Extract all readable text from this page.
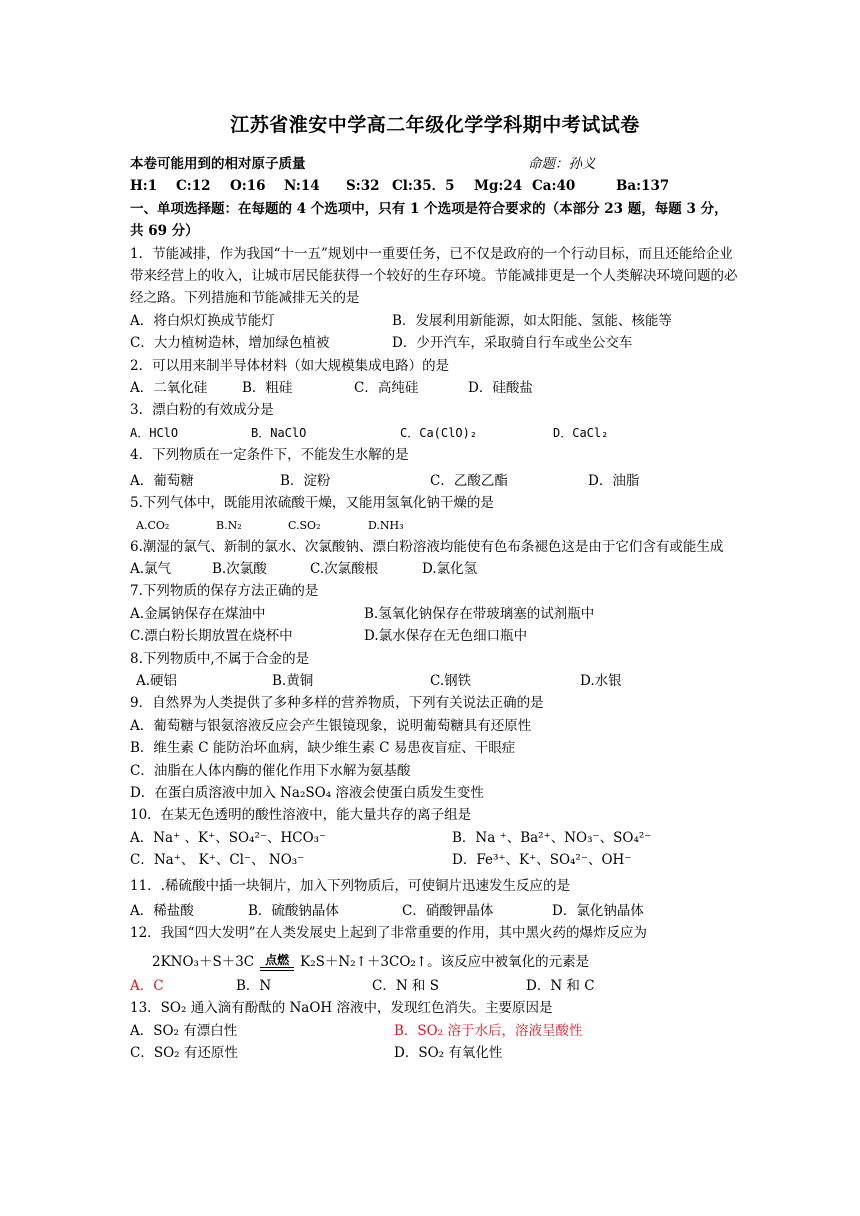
江苏省淮安中学高二年级化学学科期中考试试卷
本卷可能用到的相对原子质量	命题：孙义
H:1	C:12	O:16	N:14	S:32 Cl:35．5	Mg:24 Ca:40	Ba:137
一、单项选择题：在每题的 4 个选项中，只有 1 个选项是符合要求的（本部分 23 题，每题 3 分，共 69 分）
1．节能减排，作为我国“十一五”规划中一重要任务，已不仅是政府的一个行动目标，而且还能给企业带来经营上的收入，让城市居民能获得一个较好的生存环境。节能减排更是一个人类解决环境问题的必经之路。下列措施和节能减排无关的是
A．将白炽灯换成节能灯	B．发展利用新能源，如太阳能、氢能、核能等
C．大力植树造林，增加绿色植被	D．少开汽车，采取骑自行车或坐公交车
2．可以用来制半导体材料（如大规模集成电路）的是
A．二氧化硅	B．粗硅	C．高纯硅	D．硅酸盐
3．漂白粉的有效成分是
A．HClO	B．NaClO	C．Ca(ClO)₂	D．CaCl₂
4．下列物质在一定条件下，不能发生水解的是
A．葡萄糖	B．淀粉	C．乙酸乙酯	D．油脂
5.下列气体中，既能用浓硫酸干燥，又能用氢氧化钠干燥的是
A.CO₂	B.N₂	C.SO₂	D.NH₃
6.潮湿的氯气、新制的氯水、次氯酸钠、漂白粉溶液均能使有色布条褪色这是由于它们含有或能生成
A.氯气	B.次氯酸	C.次氯酸根	D.氯化氢
7.下列物质的保存方法正确的是
A.金属钠保存在煤油中	B.氢氧化钠保存在带玻璃塞的试剂瓶中
C.漂白粉长期放置在烧杯中	D.氯水保存在无色细口瓶中
8.下列物质中,不属于合金的是
A.硬铝	B.黄铜	C.钢铁	D.水银
9．自然界为人类提供了多种多样的营养物质，下列有关说法正确的是
A．葡萄糖与银氨溶液反应会产生银镜现象，说明葡萄糖具有还原性
B．维生素 C 能防治坏血病，缺少维生素 C 易患夜盲症、干眼症
C．油脂在人体内酶的催化作用下水解为氨基酸
D．在蛋白质溶液中加入 Na₂SO₄ 溶液会使蛋白质发生变性
10．在某无色透明的酸性溶液中，能大量共存的离子组是
A．Na⁺ 、K⁺、SO₄²⁻、HCO₃⁻	B．Na ⁺、Ba²⁺、NO₃⁻、SO₄²⁻
C．Na⁺、 K⁺、Cl⁻、 NO₃⁻	D．Fe³⁺、K⁺、SO₄²⁻、OH⁻
11．.稀硫酸中插一块铜片，加入下列物质后，可使铜片迅速发生反应的是
A．稀盐酸	B．硫酸钠晶体	C．硝酸钾晶体	D．氯化钠晶体
12．我国“四大发明”在人类发展史上起到了非常重要的作用，其中黑火药的爆炸反应为
2KNO₃＋S＋3C 点燃 K₂S＋N₂↑＋3CO₂↑。该反应中被氧化的元素是
A．C	B．N	C．N 和 S	D．N 和 C
13．SO₂ 通入滴有酚酞的 NaOH 溶液中，发现红色消失。主要原因是
A．SO₂ 有漂白性	B．SO₂ 溶于水后，溶液呈酸性
C．SO₂ 有还原性	D．SO₂ 有氧化性
